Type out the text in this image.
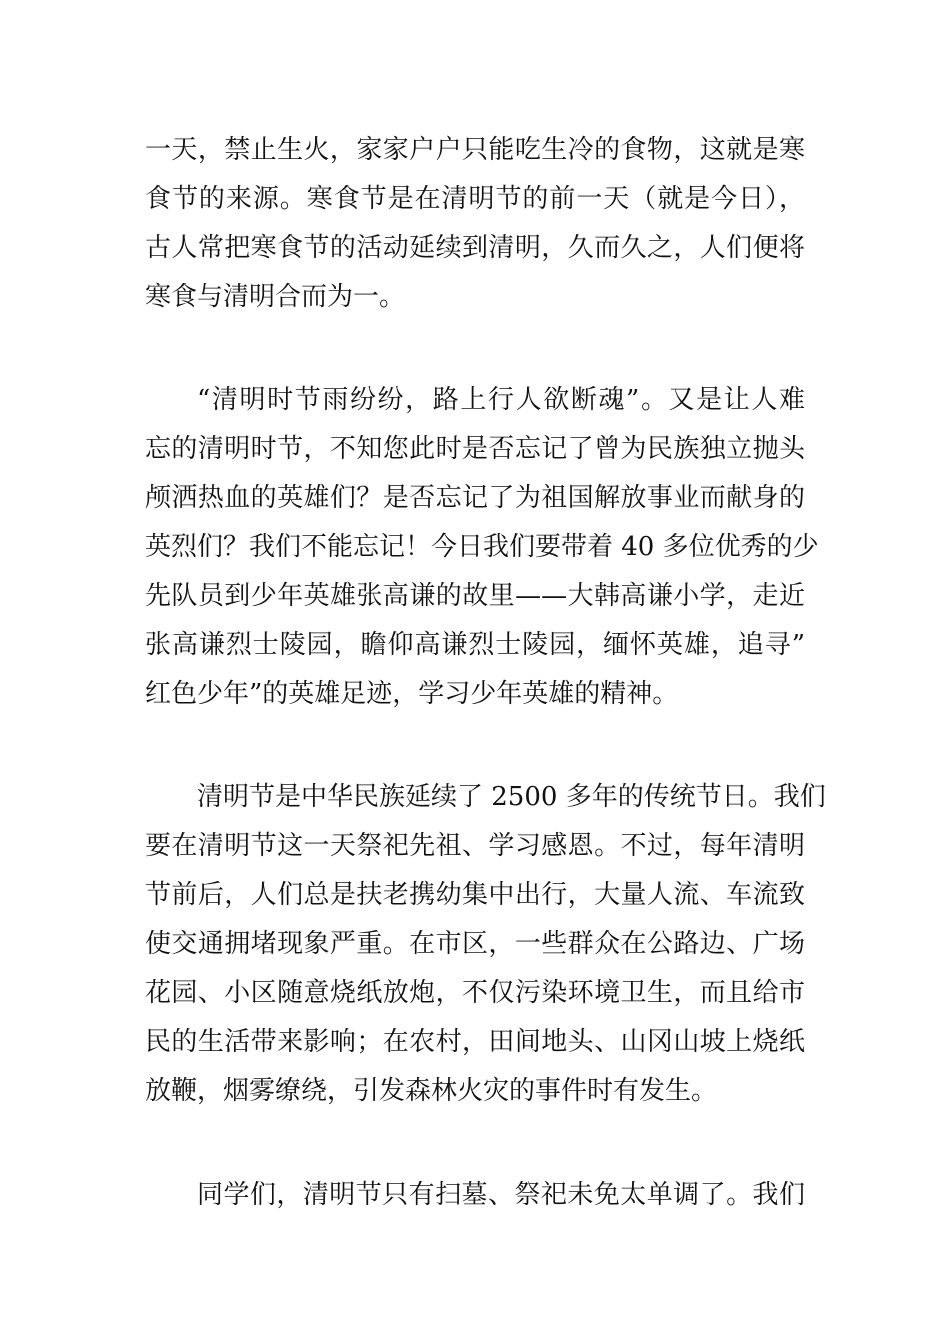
一天，禁止生火，家家户户只能吃生冷的食物，这就是寒
食节的来源。寒食节是在清明节的前一天（就是今日），
古人常把寒食节的活动延续到清明，久而久之，人们便将
寒食与清明合而为一。
“清明时节雨纷纷，路上行人欲断魂”。又是让人难
忘的清明时节，不知您此时是否忘记了曾为民族独立抛头
颅洒热血的英雄们？是否忘记了为祖国解放事业而献身的
英烈们？我们不能忘记！今日我们要带着 40 多位优秀的少
先队员到少年英雄张高谦的故里——大韩高谦小学，走近
张高谦烈士陵园，瞻仰高谦烈士陵园，缅怀英雄，追寻”
红色少年”的英雄足迹，学习少年英雄的精神。
清明节是中华民族延续了 2500 多年的传统节日。我们
要在清明节这一天祭祀先祖、学习感恩。不过，每年清明
节前后，人们总是扶老携幼集中出行，大量人流、车流致
使交通拥堵现象严重。在市区，一些群众在公路边、广场
花园、小区随意烧纸放炮，不仅污染环境卫生，而且给市
民的生活带来影响；在农村，田间地头、山冈山坡上烧纸
放鞭，烟雾缭绕，引发森林火灾的事件时有发生。
同学们，清明节只有扫墓、祭祀未免太单调了。我们
